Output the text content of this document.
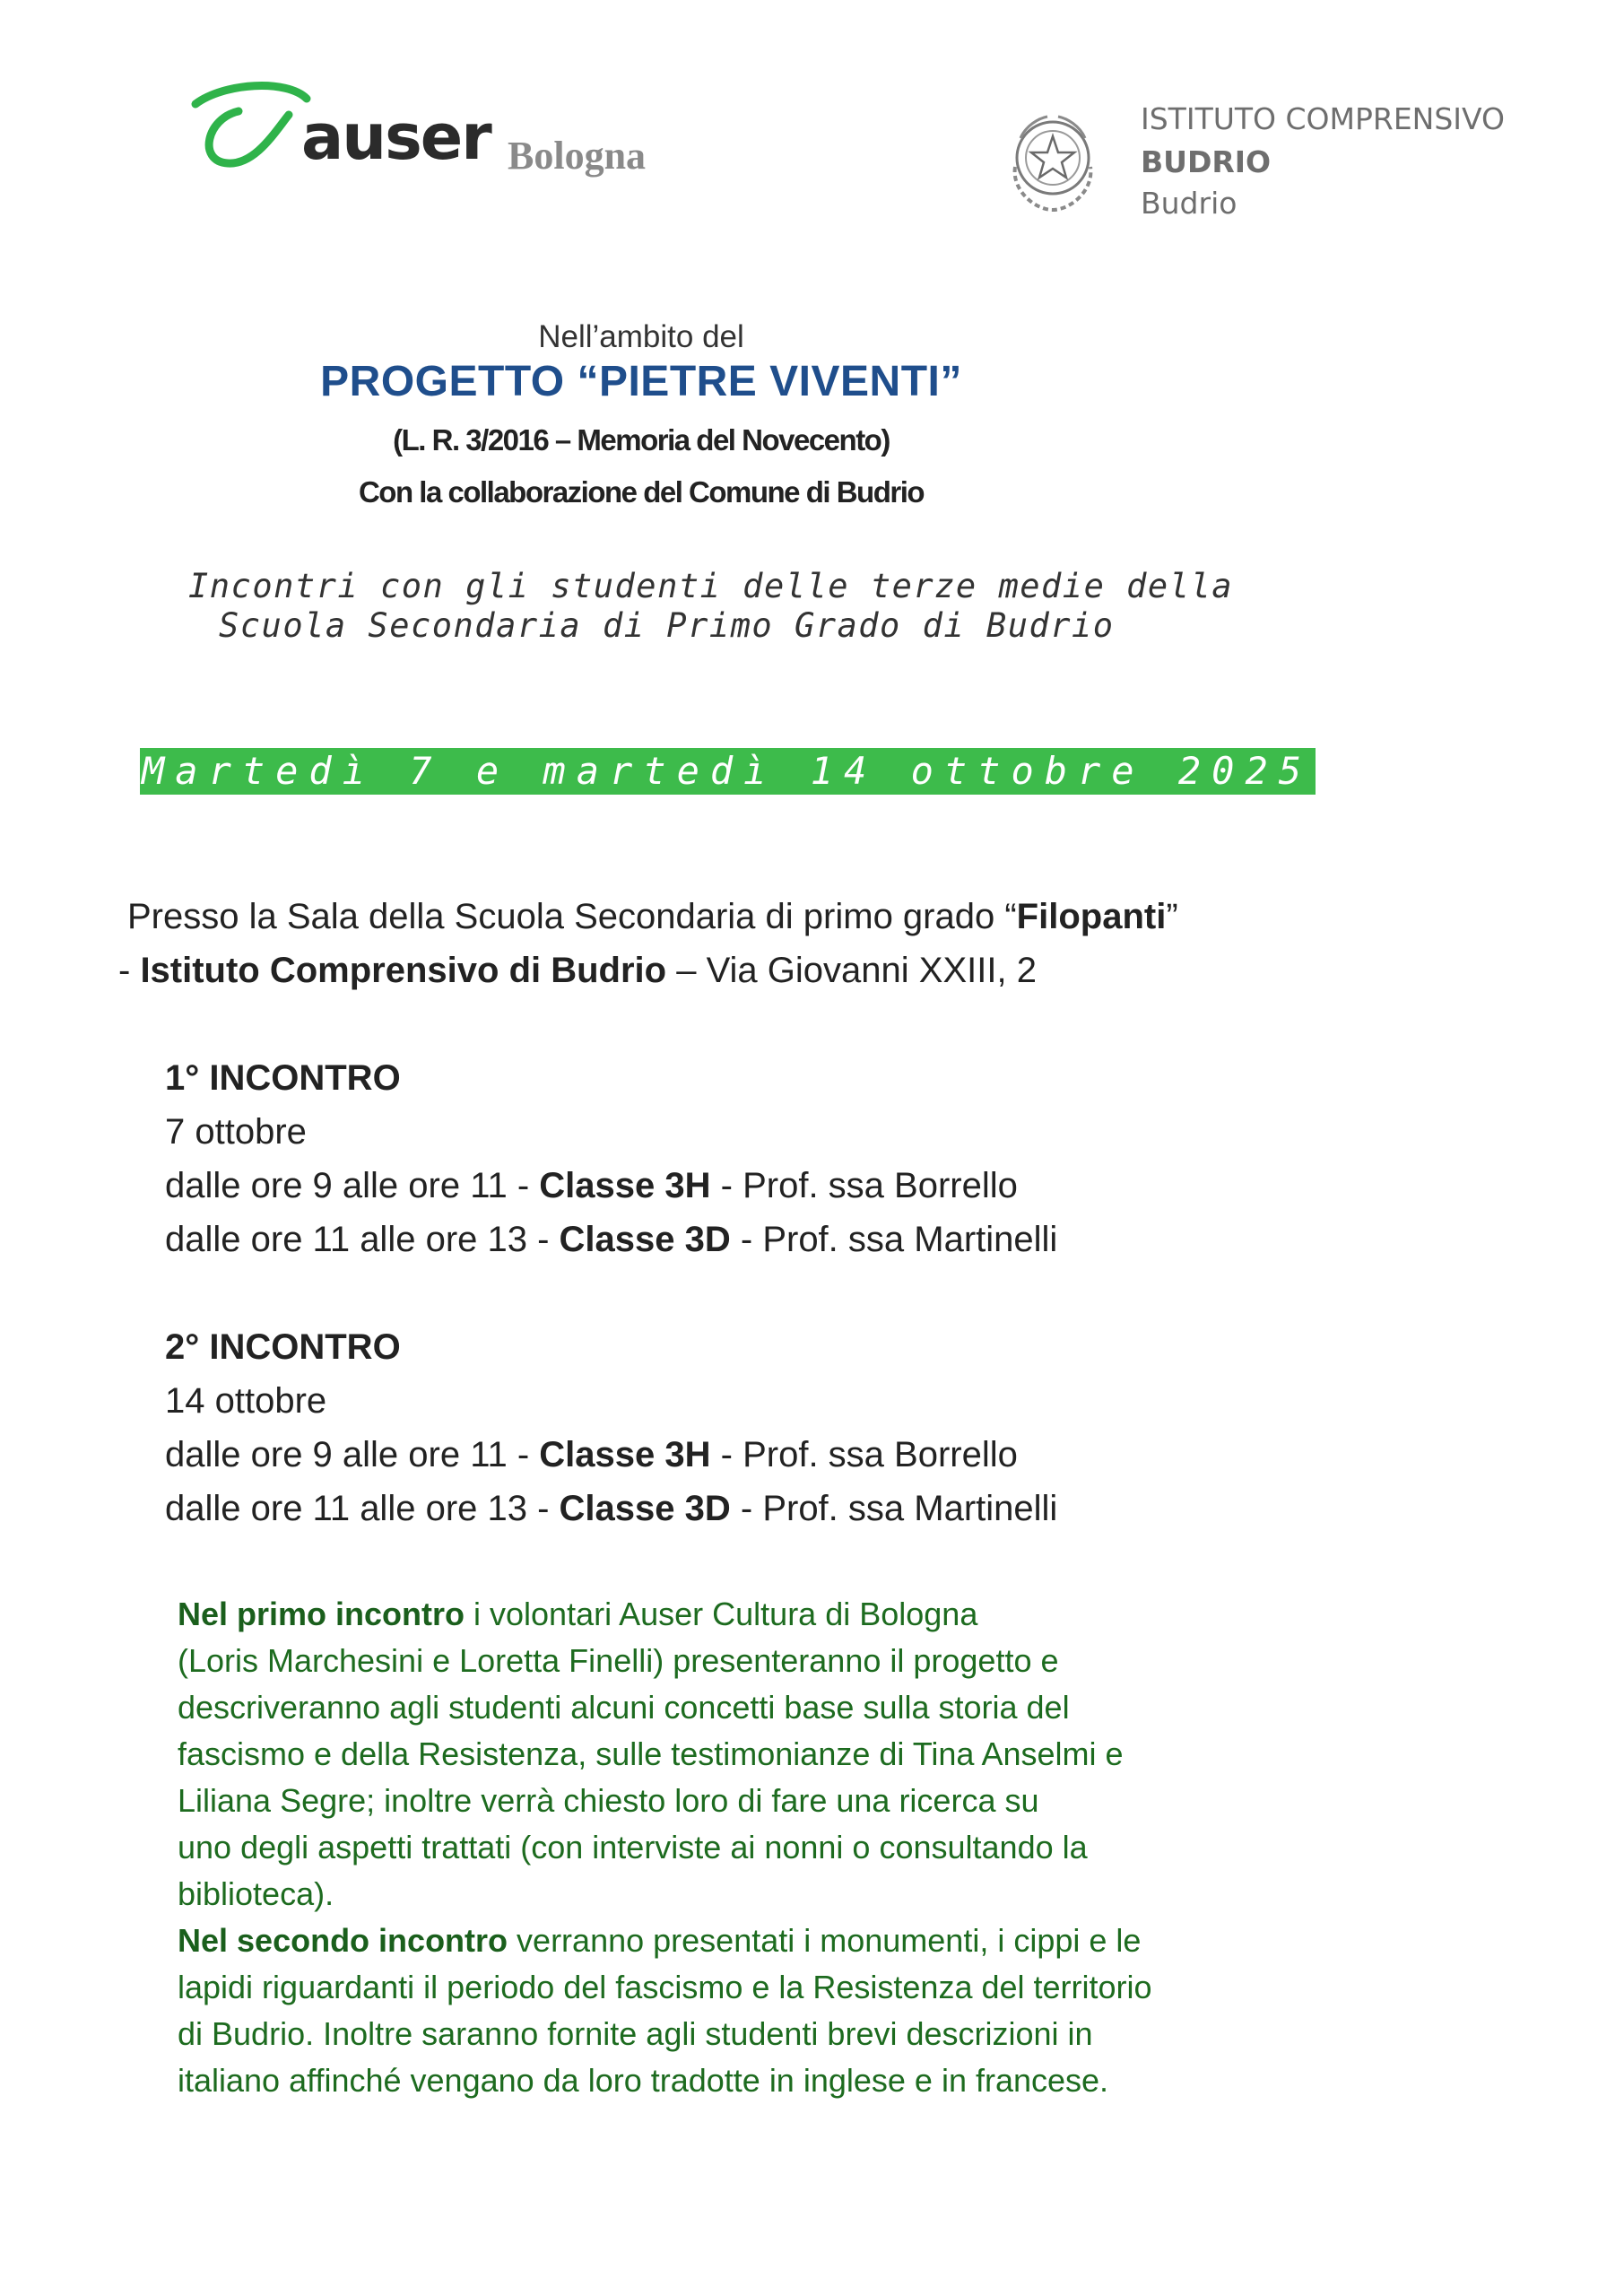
auser Bologna
ISTITUTO COMPRENSIVO
BUDRIO
Budrio
Nell’ambito del
PROGETTO “PIETRE VIVENTI”
(L. R. 3/2016 – Memoria del Novecento)
Con la collaborazione del Comune di Budrio
Incontri con gli studenti delle terze medie della
Scuola Secondaria di Primo Grado di Budrio
Martedì 7 e martedì 14 ottobre 2025
Presso la Sala della Scuola Secondaria di primo grado “Filopanti”
- Istituto Comprensivo di Budrio – Via Giovanni XXIII, 2
1° INCONTRO
7 ottobre
dalle ore 9 alle ore 11 - Classe 3H - Prof. ssa Borrello
dalle ore 11 alle ore 13 - Classe 3D - Prof. ssa Martinelli
2° INCONTRO
14 ottobre
dalle ore 9 alle ore 11 - Classe 3H - Prof. ssa Borrello
dalle ore 11 alle ore 13 - Classe 3D - Prof. ssa Martinelli
Nel primo incontro i volontari Auser Cultura di Bologna
(Loris Marchesini e Loretta Finelli) presenteranno il progetto e
descriveranno agli studenti alcuni concetti base sulla storia del
fascismo e della Resistenza, sulle testimonianze di Tina Anselmi e
Liliana Segre; inoltre verrà chiesto loro di fare una ricerca su
uno degli aspetti trattati (con interviste ai nonni o consultando la
biblioteca).
Nel secondo incontro verranno presentati i monumenti, i cippi e le
lapidi riguardanti il periodo del fascismo e la Resistenza del territorio
di Budrio. Inoltre saranno fornite agli studenti brevi descrizioni in
italiano affinché vengano da loro tradotte in inglese e in francese.
